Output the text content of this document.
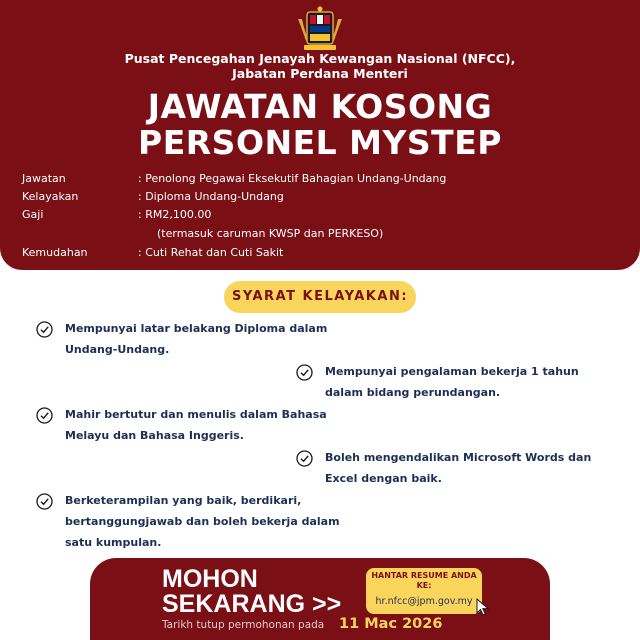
Pusat Pencegahan Jenayah Kewangan Nasional (NFCC),
Jabatan Perdana Menteri
JAWATAN KOSONG
PERSONEL MYSTEP
Jawatan	: Penolong Pegawai Eksekutif Bahagian Undang-Undang
Kelayakan	: Diploma Undang-Undang
Gaji	: RM2,100.00
(termasuk caruman KWSP dan PERKESO)
Kemudahan	: Cuti Rehat dan Cuti Sakit
SYARAT KELAYAKAN:
Mempunyai latar belakang Diploma dalam Undang-Undang.
Mempunyai pengalaman bekerja 1 tahun dalam bidang perundangan.
Mahir bertutur dan menulis dalam Bahasa Melayu dan Bahasa Inggeris.
Boleh mengendalikan Microsoft Words dan Excel dengan baik.
Berketerampilan yang baik, berdikari, bertanggungjawab dan boleh bekerja dalam satu kumpulan.
MOHON
SEKARANG >>
Tarikh tutup permohonan pada 11 Mac 2026
HANTAR RESUME ANDA KE:
hr.nfcc@jpm.gov.my
